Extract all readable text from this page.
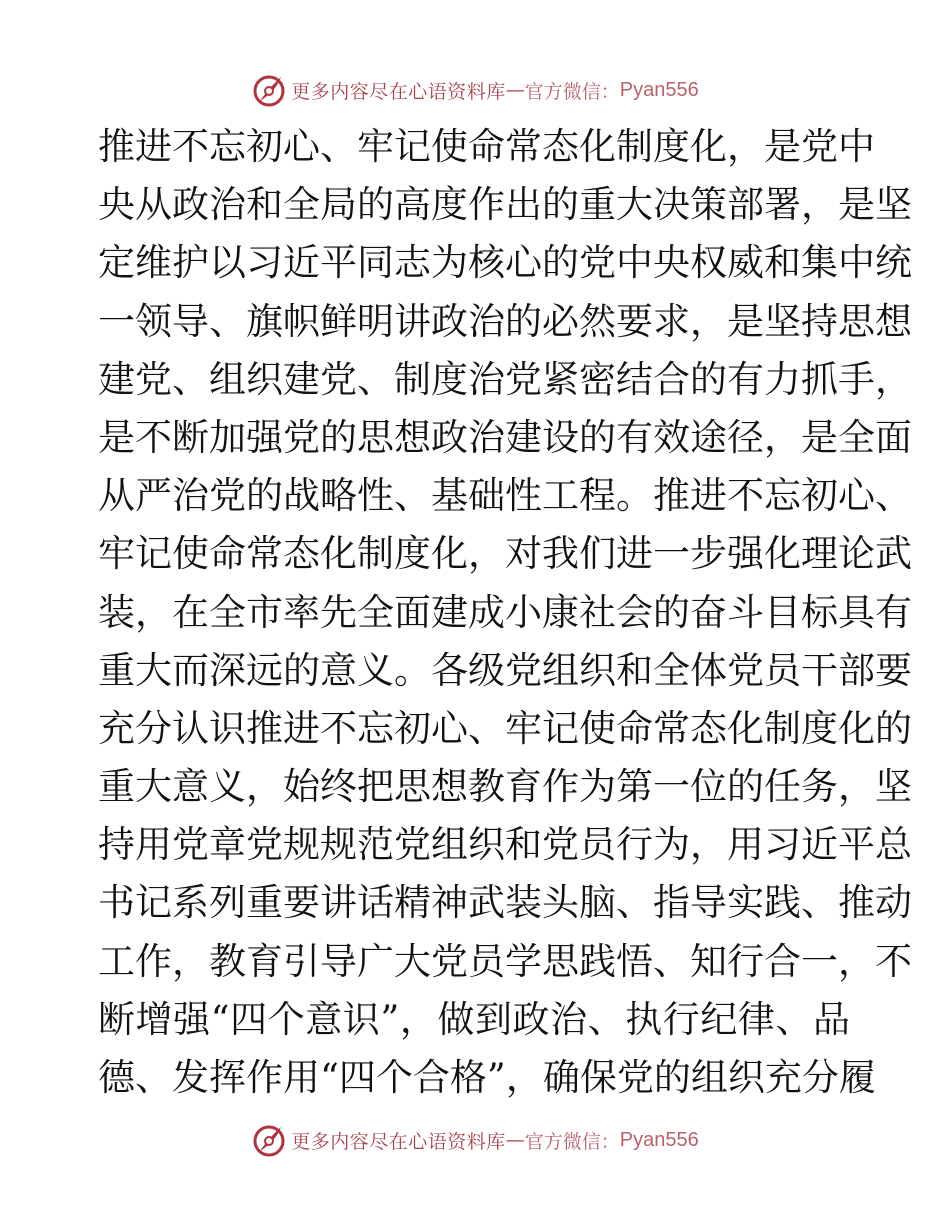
更多内容尽在心语资料库 — 官方微信： Pyan556
推进不忘初心、牢记使命常态化制度化，是党中
央从政治和全局的高度作出的重大决策部署，是坚
定维护以习近平同志为核心的党中央权威和集中统
一领导、旗帜鲜明讲政治的必然要求，是坚持思想
建党、组织建党、制度治党紧密结合的有力抓手，
是不断加强党的思想政治建设的有效途径，是全面
从严治党的战略性、基础性工程。推进不忘初心、
牢记使命常态化制度化，对我们进一步强化理论武
装，在全市率先全面建成小康社会的奋斗目标具有
重大而深远的意义。各级党组织和全体党员干部要
充分认识推进不忘初心、牢记使命常态化制度化的
重大意义，始终把思想教育作为第一位的任务，坚
持用党章党规规范党组织和党员行为，用习近平总
书记系列重要讲话精神武装头脑、指导实践、推动
工作，教育引导广大党员学思践悟、知行合一，不
断增强“四个意识”，做到政治、执行纪律、品
德、发挥作用“四个合格”，确保党的组织充分履
更多内容尽在心语资料库 — 官方微信： Pyan556
